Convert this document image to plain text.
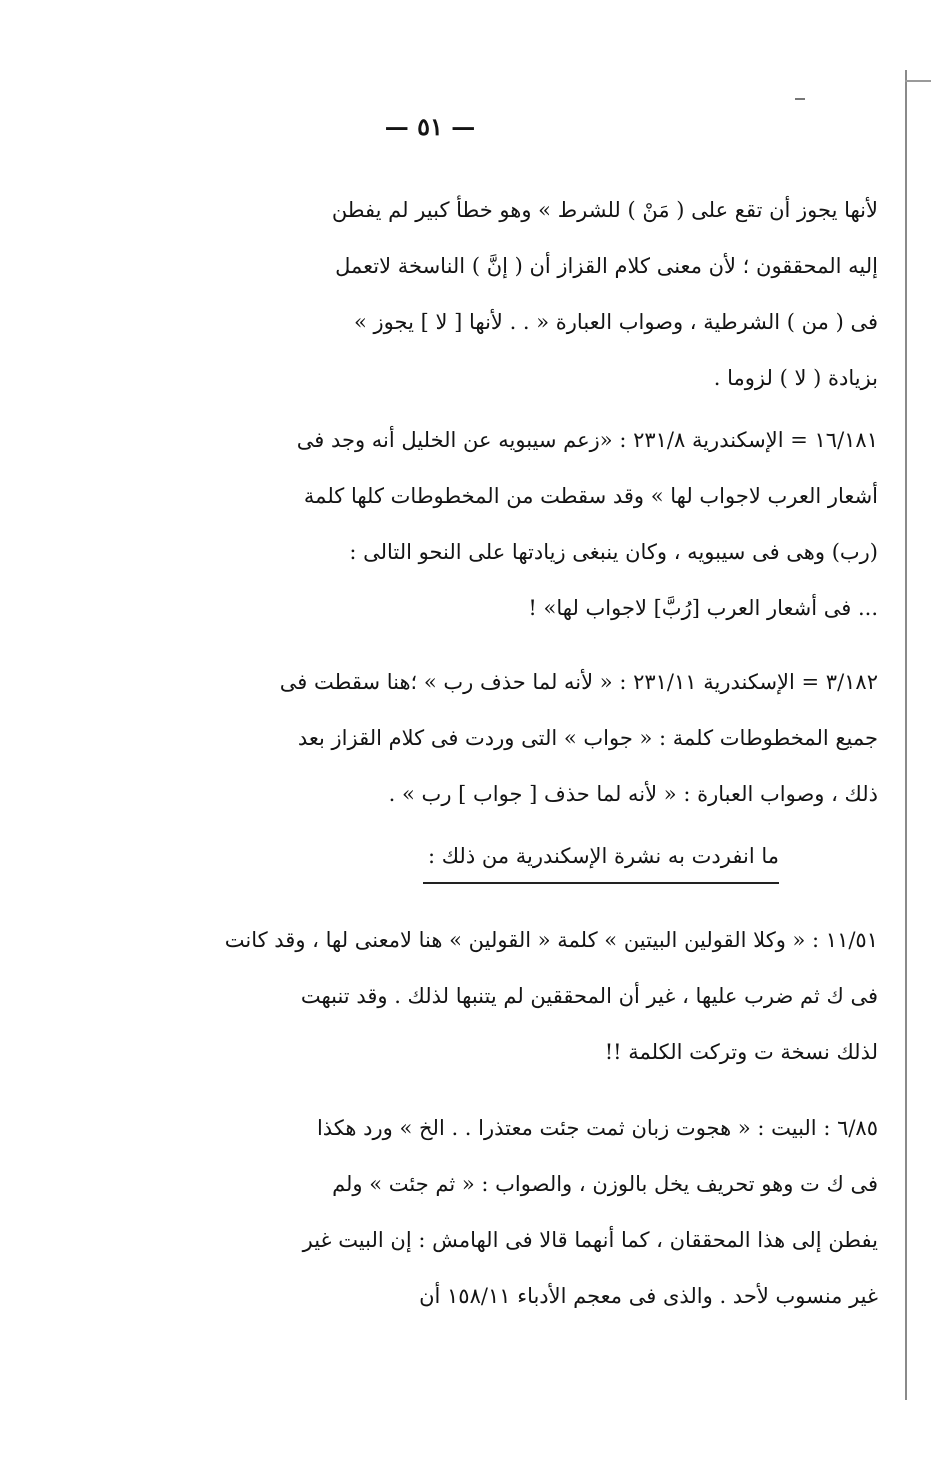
— ٥١ —
لأنها يجوز أن تقع على ( مَنْ ) للشرط » وهو خطأ كبير لم يفطن
إليه المحققون ؛ لأن معنى كلام القزاز أن ( إنَّ ) الناسخة لاتعمل
فى ( من ) الشرطية ، وصواب العبارة « . . لأنها [ لا ] يجوز »
بزيادة ( لا ) لزوما .
١٦/١٨١ = الإسكندرية ٢٣١/٨ : «زعم سيبويه عن الخليل أنه وجد فى
أشعار العرب لاجواب لها » وقد سقطت من المخطوطات كلها كلمة
(رب) وهى فى سيبويه ، وكان ينبغى زيادتها على النحو التالى :
... فى أشعار العرب [رُبَّ] لاجواب لها» !
٣/١٨٢ = الإسكندرية ٢٣١/١١ : « لأنه لما حذف رب » ؛هنا سقطت فى
جميع المخطوطات كلمة : « جواب » التى وردت فى كلام القزاز بعد
ذلك ، وصواب العبارة : « لأنه لما حذف [ جواب ] رب » .
ما انفردت به نشرة الإسكندرية من ذلك :
١١/٥١ : « وكلا القولين البيتين » كلمة « القولين » هنا لامعنى لها ، وقد كانت
فى ك ثم ضرب عليها ، غير أن المحققين لم يتنبها لذلك . وقد تنبهت
لذلك نسخة ت وتركت الكلمة !!
٦/٨٥ : البيت : « هجوت زبان ثمت جئت معتذرا . . الخ » ورد هكذا
فى ك ت وهو تحريف يخل بالوزن ، والصواب : « ثم جئت » ولم
يفطن إلى هذا المحققان ، كما أنهما قالا فى الهامش : إن البيت غير
غير منسوب لأحد . والذى فى معجم الأدباء ١٥٨/١١ أن
